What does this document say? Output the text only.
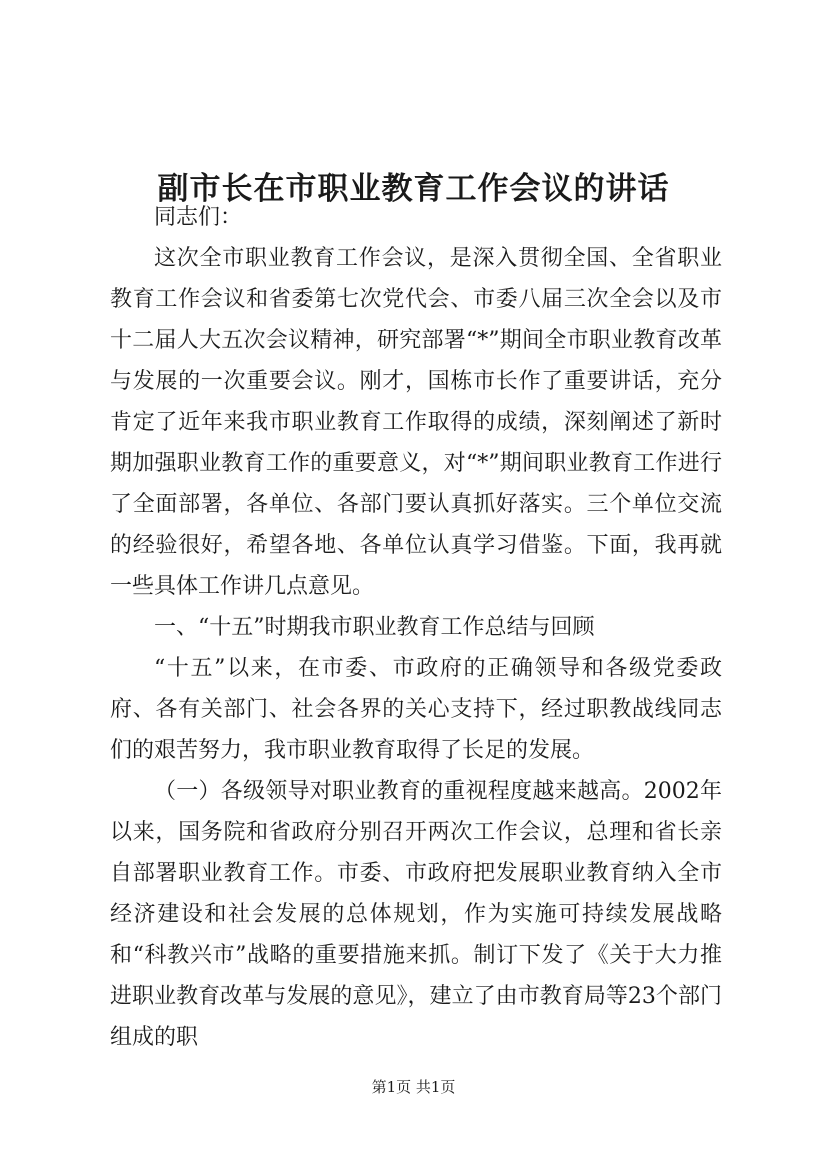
副市长在市职业教育工作会议的讲话

同志们：

这次全市职业教育工作会议，是深入贯彻全国、全省职业教育工作会议和省委第七次党代会、市委八届三次全会以及市十二届人大五次会议精神，研究部署“*”期间全市职业教育改革与发展的一次重要会议。刚才，国栋市长作了重要讲话，充分肯定了近年来我市职业教育工作取得的成绩，深刻阐述了新时期加强职业教育工作的重要意义，对“*”期间职业教育工作进行了全面部署，各单位、各部门要认真抓好落实。三个单位交流的经验很好，希望各地、各单位认真学习借鉴。下面，我再就一些具体工作讲几点意见。

一、“十五”时期我市职业教育工作总结与回顾

“十五”以来，在市委、市政府的正确领导和各级党委政府、各有关部门、社会各界的关心支持下，经过职教战线同志们的艰苦努力，我市职业教育取得了长足的发展。

（一）各级领导对职业教育的重视程度越来越高。2002年以来，国务院和省政府分别召开两次工作会议，总理和省长亲自部署职业教育工作。市委、市政府把发展职业教育纳入全市经济建设和社会发展的总体规划，作为实施可持续发展战略和“科教兴市”战略的重要措施来抓。制订下发了《关于大力推进职业教育改革与发展的意见》，建立了由市教育局等23个部门组成的职

第1页 共1页
